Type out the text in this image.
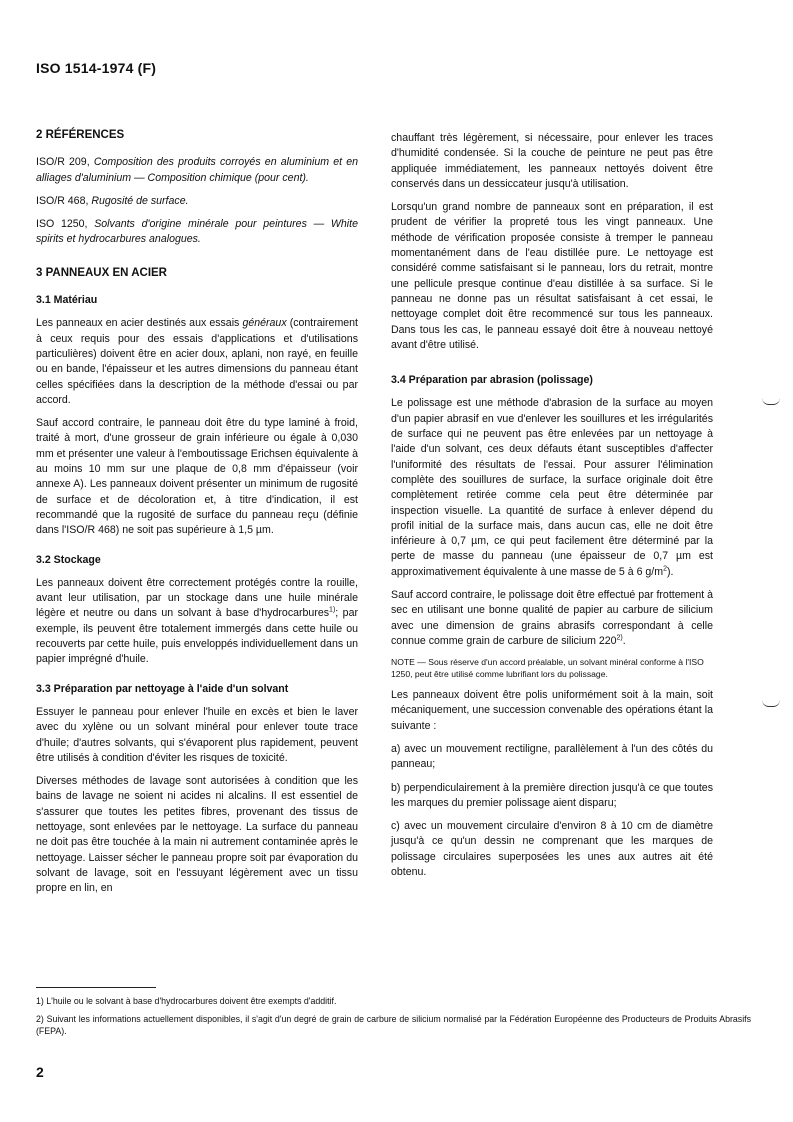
ISO 1514-1974 (F)
2 RÉFÉRENCES

ISO/R 209, Composition des produits corroyés en aluminium et en alliages d'aluminium — Composition chimique (pour cent).

ISO/R 468, Rugosité de surface.

ISO 1250, Solvants d'origine minérale pour peintures — White spirits et hydrocarbures analogues.

3 PANNEAUX EN ACIER
3.1 Matériau

Les panneaux en acier destinés aux essais généraux (contrairement à ceux requis pour des essais d'applications et d'utilisations particulières) doivent être en acier doux, aplani, non rayé, en feuille ou en bande, l'épaisseur et les autres dimensions du panneau étant celles spécifiées dans la description de la méthode d'essai ou par accord.

Sauf accord contraire, le panneau doit être du type laminé à froid, traité à mort, d'une grosseur de grain inférieure ou égale à 0,030 mm et présenter une valeur à l'emboutissage Erichsen équivalente à au moins 10 mm sur une plaque de 0,8 mm d'épaisseur (voir annexe A). Les panneaux doivent présenter un minimum de rugosité de surface et de décoloration et, à titre d'indication, il est recommandé que la rugosité de surface du panneau reçu (définie dans l'ISO/R 468) ne soit pas supérieure à 1,5 µm.

3.2 Stockage

Les panneaux doivent être correctement protégés contre la rouille, avant leur utilisation, par un stockage dans une huile minérale légère et neutre ou dans un solvant à base d'hydrocarbures$^{1)}$; par exemple, ils peuvent être totalement immergés dans cette huile ou recouverts par cette huile, puis enveloppés individuellement dans un papier imprégné d'huile.

3.3 Préparation par nettoyage à l'aide d'un solvant

Essuyer le panneau pour enlever l'huile en excès et bien le laver avec du xylène ou un solvant minéral pour enlever toute trace d'huile; d'autres solvants, qui s'évaporent plus rapidement, peuvent être utilisés à condition d'éviter les risques de toxicité.

Diverses méthodes de lavage sont autorisées à condition que les bains de lavage ne soient ni acides ni alcalins. Il est essentiel de s'assurer que toutes les petites fibres, provenant des tissus de nettoyage, sont enlevées par le nettoyage. La surface du panneau ne doit pas être touchée à la main ni autrement contaminée après le nettoyage. Laisser sécher le panneau propre soit par évaporation du solvant de lavage, soit en l'essuyant légèrement avec un tissu propre en lin, en

chauffant très légèrement, si nécessaire, pour enlever les traces d'humidité condensée. Si la couche de peinture ne peut pas être appliquée immédiatement, les panneaux nettoyés doivent être conservés dans un dessiccateur jusqu'à utilisation.

Lorsqu'un grand nombre de panneaux sont en préparation, il est prudent de vérifier la propreté tous les vingt panneaux. Une méthode de vérification proposée consiste à tremper le panneau momentanément dans de l'eau distillée pure. Le nettoyage est considéré comme satisfaisant si le panneau, lors du retrait, montre une pellicule presque continue d'eau distillée à sa surface. Si le panneau ne donne pas un résultat satisfaisant à cet essai, le nettoyage complet doit être recommencé sur tous les panneaux. Dans tous les cas, le panneau essayé doit être à nouveau nettoyé avant d'être utilisé.

3.4 Préparation par abrasion (polissage)

Le polissage est une méthode d'abrasion de la surface au moyen d'un papier abrasif en vue d'enlever les souillures et les irrégularités de surface qui ne peuvent pas être enlevées par un nettoyage à l'aide d'un solvant, ces deux défauts étant susceptibles d'affecter l'uniformité des résultats de l'essai. Pour assurer l'élimination complète des souillures de surface, la surface originale doit être complètement retirée comme cela peut être déterminée par inspection visuelle. La quantité de surface à enlever dépend du profil initial de la surface mais, dans aucun cas, elle ne doit être inférieure à 0,7 µm, ce qui peut facilement être déterminé par la perte de masse du panneau (une épaisseur de 0,7 µm est approximativement équivalente à une masse de 5 à 6 $g/m^2$).

Sauf accord contraire, le polissage doit être effectué par frottement à sec en utilisant une bonne qualité de papier au carbure de silicium avec une dimension de grains abrasifs correspondant à celle connue comme grain de carbure de silicium 220$^{2)}$.

NOTE — Sous réserve d'un accord préalable, un solvant minéral conforme à l'ISO 1250, peut être utilisé comme lubrifiant lors du polissage.

Les panneaux doivent être polis uniformément soit à la main, soit mécaniquement, une succession convenable des opérations étant la suivante :

a) avec un mouvement rectiligne, parallèlement à l'un des côtés du panneau;

b) perpendiculairement à la première direction jusqu'à ce que toutes les marques du premier polissage aient disparu;

c) avec un mouvement circulaire d'environ 8 à 10 cm de diamètre jusqu'à ce qu'un dessin ne comprenant que les marques de polissage circulaires superposées les unes aux autres ait été obtenu.

1) L'huile ou le solvant à base d'hydrocarbures doivent être exempts d'additif.

2) Suivant les informations actuellement disponibles, il s'agit d'un degré de grain de carbure de silicium normalisé par la Fédération Européenne des Producteurs de Produits Abrasifs (FEPA).

2
